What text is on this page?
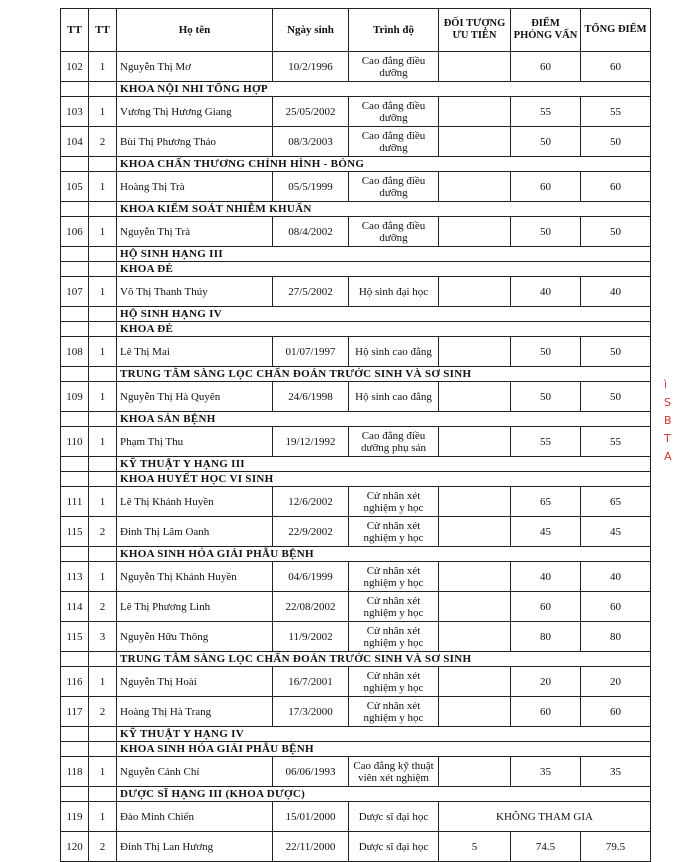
TT	TT	Họ tên	Ngày sinh	Trình độ	ĐỐI TƯỢNG ƯU TIÊN	ĐIỂM PHỎNG VẤN	TỔNG ĐIỂM
102	1	Nguyễn Thị Mơ	10/2/1996	Cao đẳng điều dưỡng		60	60
		KHOA NỘI NHI TỔNG HỢP					
103	1	Vương Thị Hương Giang	25/05/2002	Cao đẳng điều dưỡng		55	55
104	2	Bùi Thị Phương Thảo	08/3/2003	Cao đẳng điều dưỡng		50	50
		KHOA CHẤN THƯƠNG CHỈNH HÌNH - BỎNG					
105	1	Hoàng Thị Trà	05/5/1999	Cao đẳng điều dưỡng		60	60
		KHOA KIỂM SOÁT NHIỄM KHUẨN					
106	1	Nguyễn Thị Trà	08/4/2002	Cao đẳng điều dưỡng		50	50
		HỘ SINH HẠNG III					
		KHOA ĐẺ					
107	1	Võ Thị Thanh Thúy	27/5/2002	Hộ sinh đại học		40	40
		HỘ SINH HẠNG IV					
		KHOA ĐẺ					
108	1	Lê Thị Mai	01/07/1997	Hộ sinh cao đẳng		50	50
		TRUNG TÂM SÀNG LỌC CHẨN ĐOÁN TRƯỚC SINH VÀ SƠ SINH					
109	1	Nguyễn Thị Hà Quyên	24/6/1998	Hộ sinh cao đẳng		50	50
		KHOA SẢN BỆNH					
110	1	Phạm Thị Thu	19/12/1992	Cao đẳng điều dưỡng phụ sản		55	55
		KỸ THUẬT Y HẠNG III					
		KHOA HUYẾT HỌC VI SINH					
111	1	Lê Thị Khánh Huyền	12/6/2002	Cử nhân xét nghiệm y học		65	65
115	2	Đinh Thị Lâm Oanh	22/9/2002	Cử nhân xét nghiệm y học		45	45
		KHOA SINH HÓA GIẢI PHẪU BỆNH					
113	1	Nguyễn Thị Khánh Huyền	04/6/1999	Cử nhân xét nghiệm y học		40	40
114	2	Lê Thị Phương Linh	22/08/2002	Cử nhân xét nghiệm y học		60	60
115	3	Nguyễn Hữu Thông	11/9/2002	Cử nhân xét nghiệm y học		80	80
		TRUNG TÂM SÀNG LỌC CHẨN ĐOÁN TRƯỚC SINH VÀ SƠ SINH					
116	1	Nguyễn Thị Hoài	16/7/2001	Cử nhân xét nghiệm y học		20	20
117	2	Hoàng Thị Hà Trang	17/3/2000	Cử nhân xét nghiệm y học		60	60
		KỸ THUẬT Y HẠNG IV					
		KHOA SINH HÓA GIẢI PHẪU BỆNH					
118	1	Nguyễn Cảnh Chí	06/06/1993	Cao đẳng kỹ thuật viên xét nghiệm		35	35
		DƯỢC SĨ HẠNG III (KHOA DƯỢC)					
119	1	Đào Minh Chiến	15/01/2000	Dược sĩ đại học	KHÔNG THAM GIA		
120	2	Đinh Thị Lan Hương	22/11/2000	Dược sĩ đại học	5	74.5	79.5
ì
S
B
T
A
